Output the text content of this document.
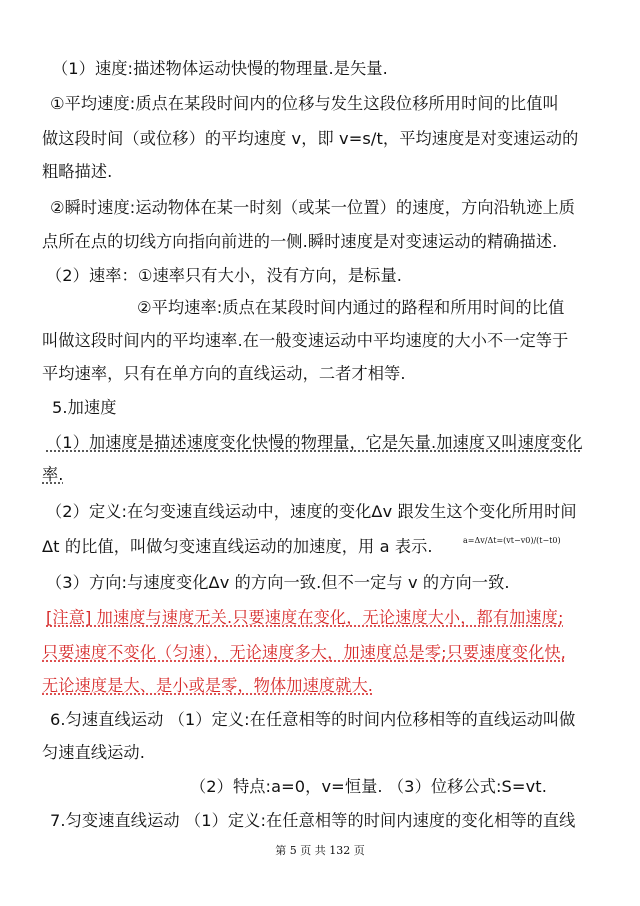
（1）速度:描述物体运动快慢的物理量.是矢量.
①平均速度:质点在某段时间内的位移与发生这段位移所用时间的比值叫
做这段时间（或位移）的平均速度 v，即 v=s/t，平均速度是对变速运动的
粗略描述.
②瞬时速度:运动物体在某一时刻（或某一位置）的速度，方向沿轨迹上质
点所在点的切线方向指向前进的一侧.瞬时速度是对变速运动的精确描述.
（2）速率：①速率只有大小，没有方向，是标量.
②平均速率:质点在某段时间内通过的路程和所用时间的比值
叫做这段时间内的平均速率.在一般变速运动中平均速度的大小不一定等于
平均速率，只有在单方向的直线运动，二者才相等.
5.加速度
（1）加速度是描述速度变化快慢的物理量，它是矢量.加速度又叫速度变化
率.
（2）定义:在匀变速直线运动中，速度的变化Δv 跟发生这个变化所用时间
Δt 的比值，叫做匀变速直线运动的加速度，用 a 表示.	a=Δv/Δt=(vt−v0)/(t−t0)
（3）方向:与速度变化Δv 的方向一致.但不一定与 v 的方向一致.
[注意] 加速度与速度无关.只要速度在变化，无论速度大小，都有加速度;
只要速度不变化（匀速），无论速度多大，加速度总是零;只要速度变化快,
无论速度是大、是小或是零，物体加速度就大.
6.匀速直线运动 （1）定义:在任意相等的时间内位移相等的直线运动叫做
匀速直线运动.
（2）特点:a=0，v=恒量. （3）位移公式:S=vt.
7.匀变速直线运动 （1）定义:在任意相等的时间内速度的变化相等的直线
第 5 页 共 132 页
